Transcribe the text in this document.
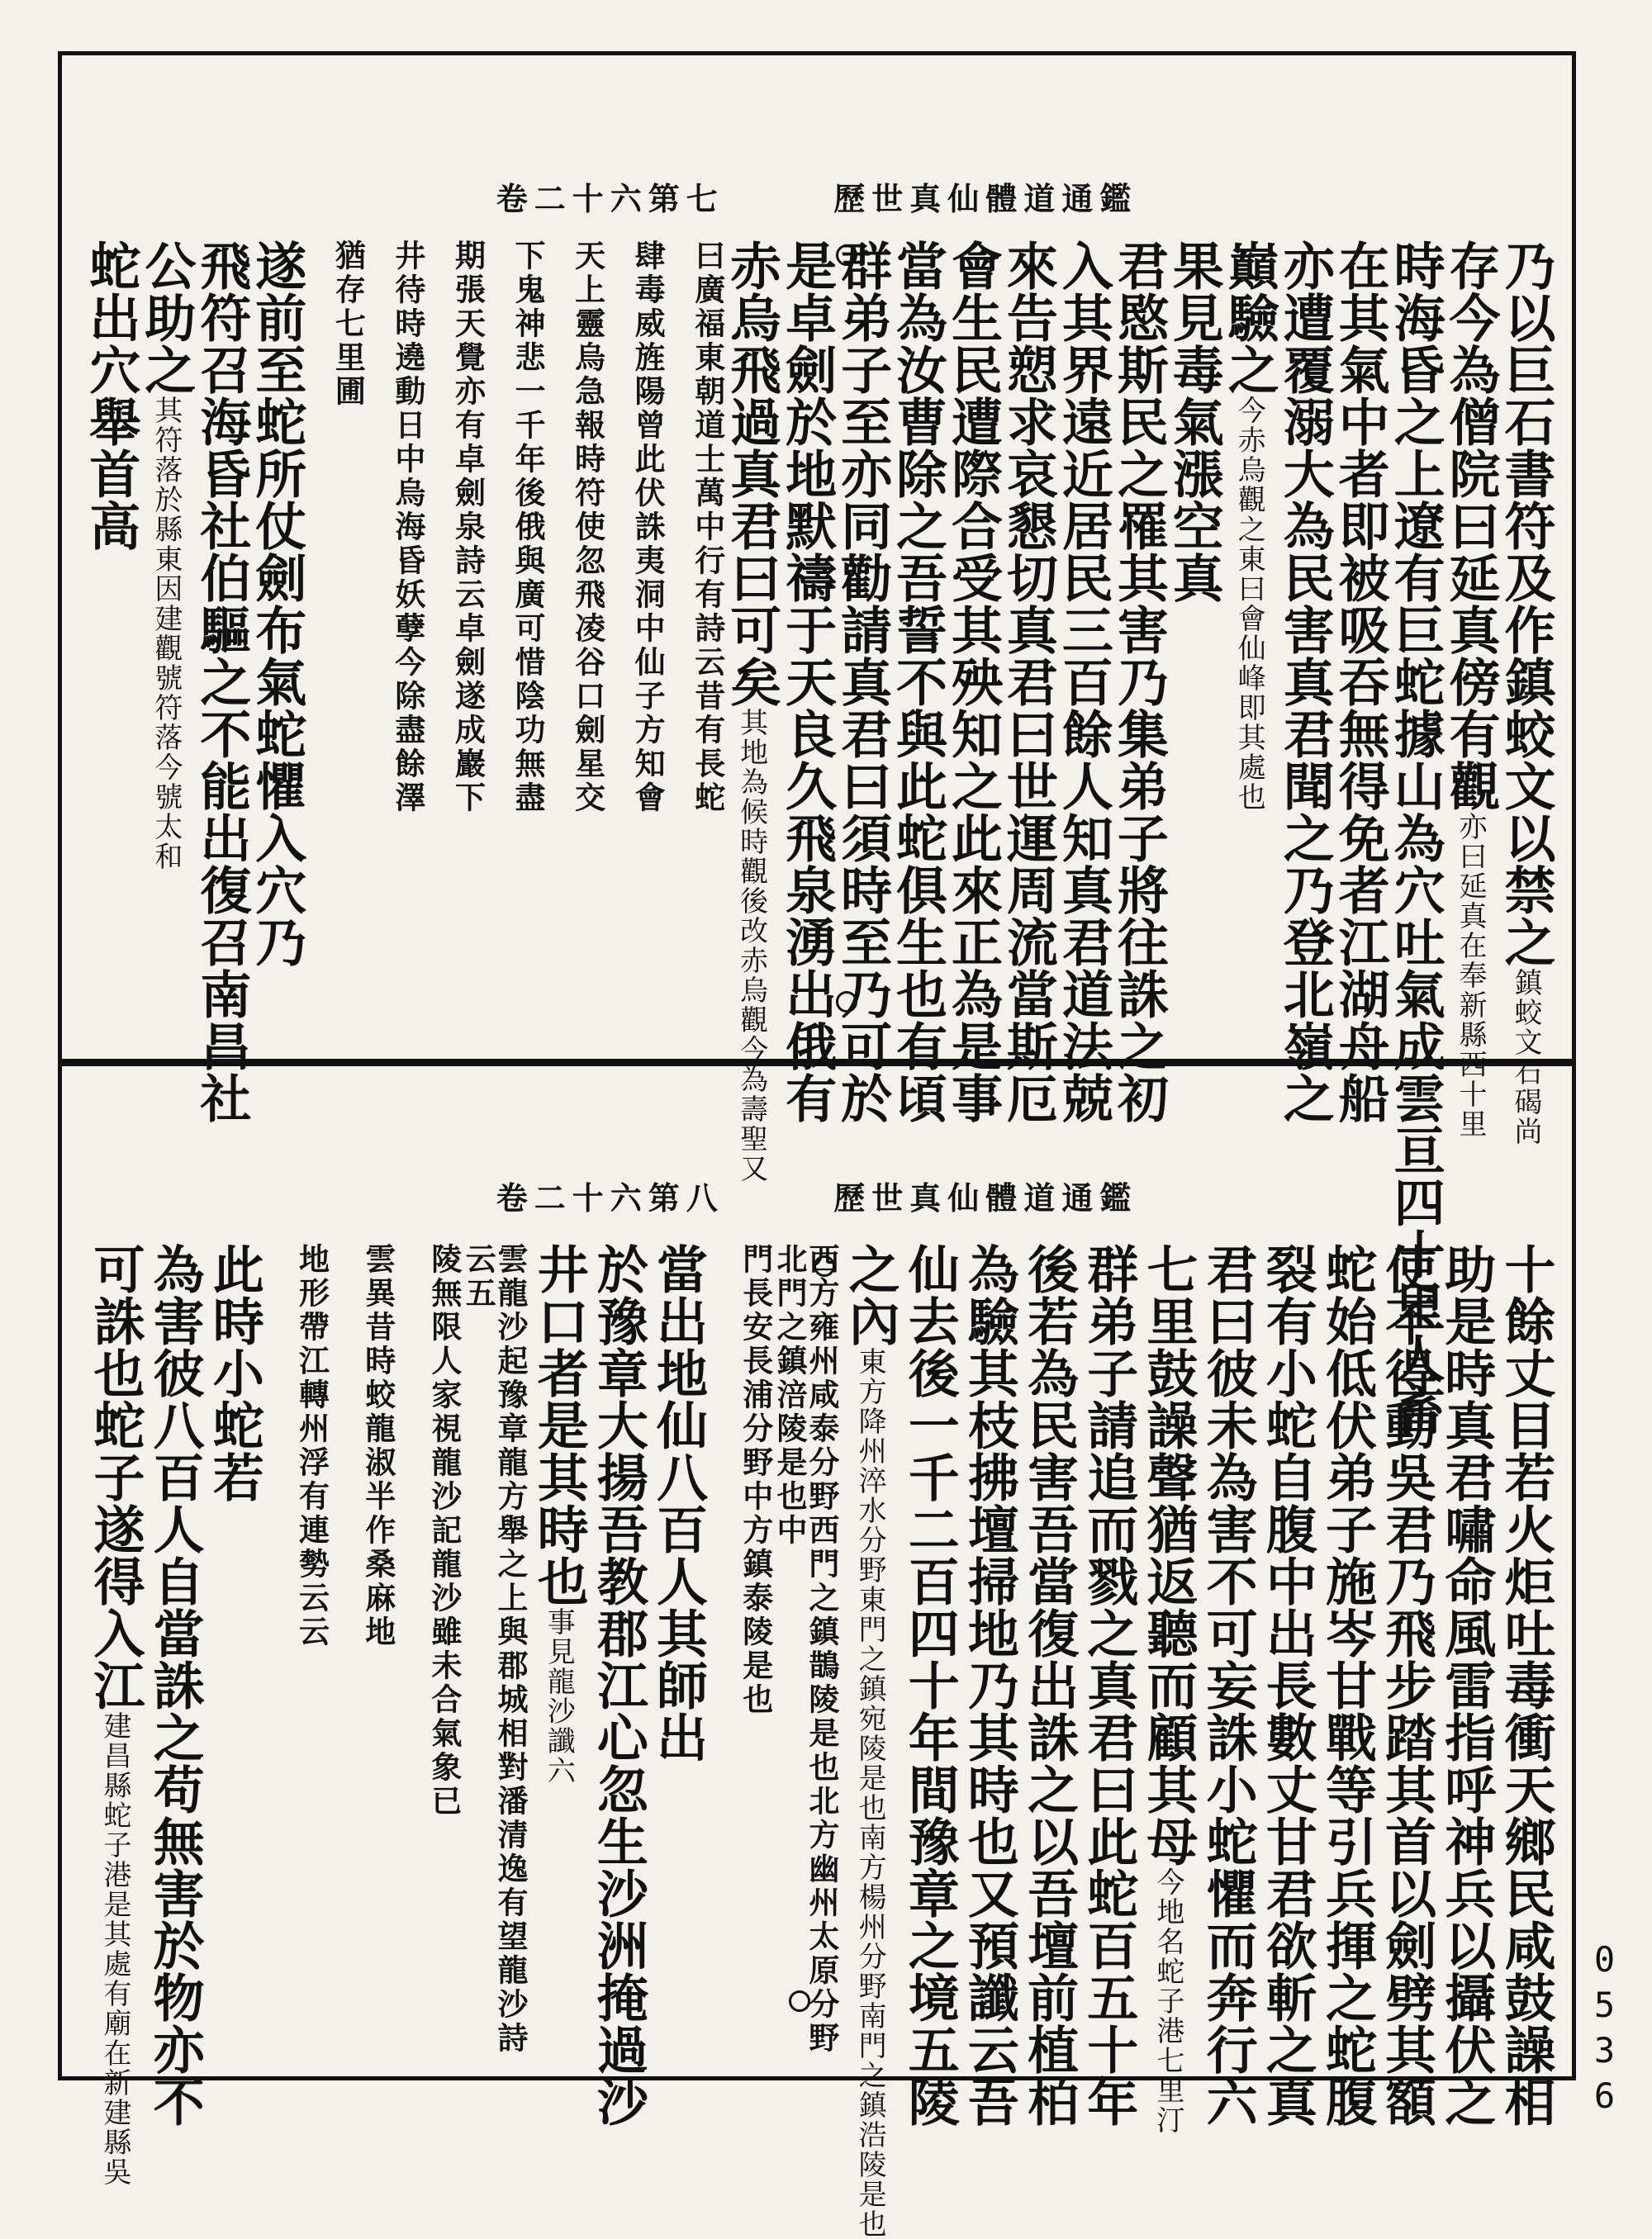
卷二十六第七	歷世真仙體道通鑑
乃以巨石書符及作鎮蛟文以禁之鎮蛟文石碣尚
存今為僧院曰延真傍有觀亦曰延真在奉新縣西十里
時海昏之上遼有巨蛇據山為穴吐氣成雲亘四十里人畜
在其氣中者即被吸吞無得免者江湖舟船
亦遭覆溺大為民害真君聞之乃登北嶺之
巔驗之今赤烏觀之東曰會仙峰即其處也
果見毒氣漲空真
君愍斯民之罹其害乃集弟子將往誅之初
入其界遠近居民三百餘人知真君道法兢
來告愬求哀懇切真君曰世運周流當斯厄
會生民遭際合受其殃知之此來正為是事
當為汝曹除之吾誓不與此蛇俱生也有頃
群弟子至亦同勸請真君曰須時至乃可於
是卓劍於地默禱于天良久飛泉湧出俄有
赤烏飛過真君曰可矣其地為候時觀後改赤烏觀今為壽聖又
曰廣福東朝道士萬中行有詩云昔有長蛇
肆毒威旌陽曾此伏誅夷洞中仙子方知會
天上靈烏急報時符使忽飛凌谷口劍星交
下鬼神悲一千年後俄與廣可惜陰功無盡
期張天覺亦有卓劍泉詩云卓劍遂成巖下
井待時遶動日中烏海昏妖孽今除盡餘澤
猶存七里圃
遂前至蛇所仗劍布氣蛇懼入穴乃
飛符召海昏社伯驅之不能出復召南昌社
公助之其符落於縣東因建觀號符落今號太和
蛇出穴舉首高
卷二十六第八	歷世真仙體道通鑑
十餘丈目若火炬吐毒衝天鄉民咸鼓譟相
助是時真君嘯命風雷指呼神兵以攝伏之
使不得動吳君乃飛步踏其首以劍劈其額
蛇始低伏弟子施岑甘戰等引兵揮之蛇腹
裂有小蛇自腹中出長數丈甘君欲斬之真
君曰彼未為害不可妄誅小蛇懼而奔行六
七里鼓譟聲猶返聽而顧其母今地名蛇子港七里汀
群弟子請追而戮之真君曰此蛇百五十年
後若為民害吾當復出誅之以吾壇前植柏
為驗其枝拂壇掃地乃其時也又預讖云吾
仙去後一千二百四十年間豫章之境五陵
之內東方降州淬水分野東門之鎮宛陵是也南方楊州分野南門之鎮浩陵是也
西方雍州咸泰分野西門之鎮鵲陵是也北方幽州太原分野北門之鎮涪陵是也中
門長安長浦分野中方鎮泰陵是也
當出地仙八百人其師出
於豫章大揚吾教郡江心忽生沙洲掩過沙
井口者是其時也事見龍沙讖六
雲龍沙起豫章龍方舉之上與郡城相對潘清逸有望龍沙詩云五
陵無限人家視龍沙記龍沙雖未合氣象已
雲異昔時蛟龍淑半作桑麻地
地形帶江轉州浮有連勢云云
此時小蛇若
為害彼八百人自當誅之苟無害於物亦不
可誅也蛇子遂得入江建昌縣蛇子港是其處有廟在新建縣吳	0536
